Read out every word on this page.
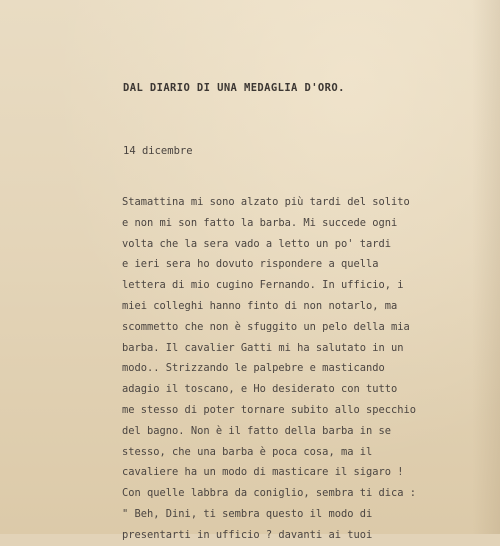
DAL DIARIO DI UNA MEDAGLIA D'ORO.
14 dicembre
Stamattina mi sono alzato più tardi del solito
e non mi son fatto la barba. Mi succede ogni
volta che la sera vado a letto un po' tardi
e ieri sera ho dovuto rispondere a quella
lettera di mio cugino Fernando. In ufficio, i
miei colleghi hanno finto di non notarlo, ma
scommetto che non è sfuggito un pelo della mia
barba. Il cavalier Gatti mi ha salutato in un
modo.. Strizzando le palpebre e masticando
adagio il toscano, e Ho desiderato con tutto
me stesso di poter tornare subito allo specchio
del bagno. Non è il fatto della barba in se
stesso, che una barba è poca cosa, ma il
cavaliere ha un modo di masticare il sigaro !
Con quelle labbra da coniglio, sembra ti dica :
" Beh, Dini, ti sembra questo il modo di
presentarti in ufficio ? davanti ai tuoi
